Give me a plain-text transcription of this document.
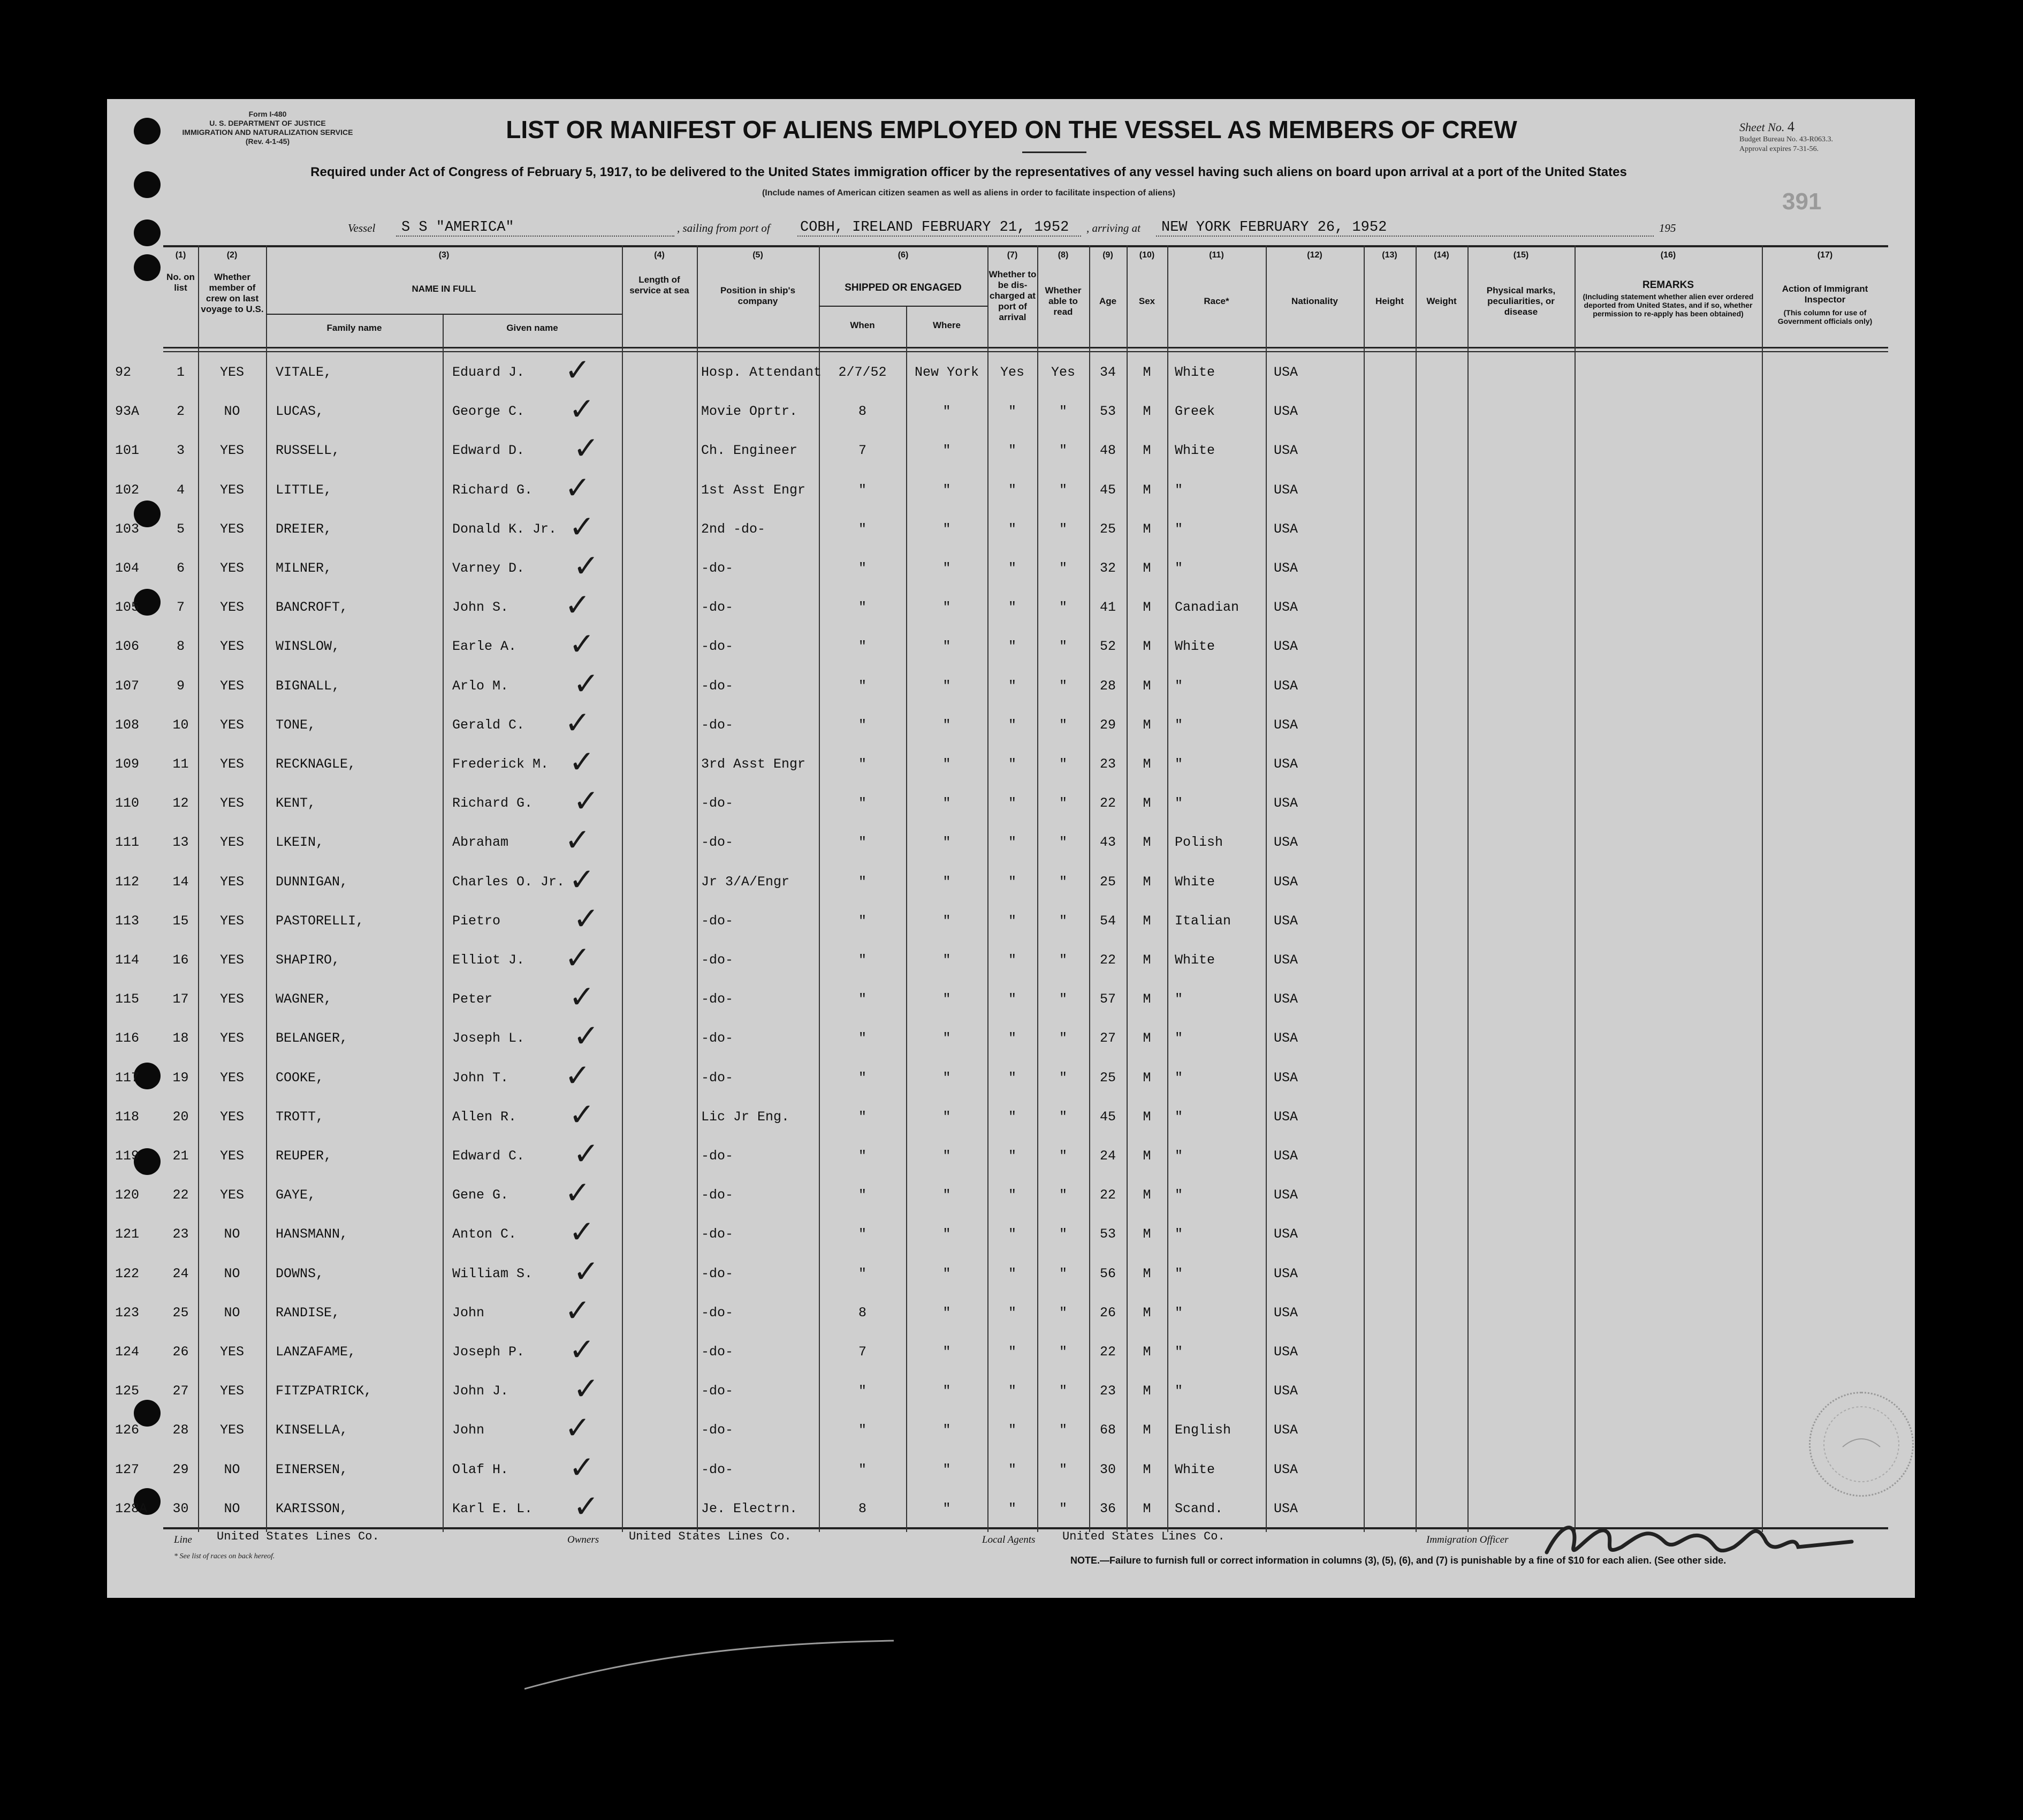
Form I-480
U. S. DEPARTMENT OF JUSTICE
IMMIGRATION AND NATURALIZATION SERVICE
(Rev. 4-1-45)	LIST OR MANIFEST OF ALIENS EMPLOYED ON THE VESSEL AS MEMBERS OF CREW	Sheet No. 4
Budget Bureau No. 43-R063.3.
Approval expires 7-31-56.
391
Required under Act of Congress of February 5, 1917, to be delivered to the United States immigration officer by the representatives of any vessel having such aliens on board upon arrival at a port of the United States
(Include names of American citizen seamen as well as aliens in order to facilitate inspection of aliens)
Vessel S S "AMERICA"	, sailing from port of COBH, IRELAND FEBRUARY 21, 1952 , arriving at NEW YORK FEBRUARY 26, 1952	195
(1)	(2)	(3)	(4)	(5)	(6)	(7)	(8)	(9)	(10)	(11)	(12)	(13)	(14)	(15)	(16)	(17)
No. on list
Whether member of crew on last voyage to U.S.
NAME IN FULL
Family name	Given name
Length of service at sea	Position in ship's company
SHIPPED OR ENGAGED
When	Where
Whether to be dis-charged at port of arrival
Whether able to read
Age	Sex	Race*	Nationality	Height	Weight
Physical marks, peculiarities, or disease
REMARKS
(Including statement whether alien ever ordered deported from United States, and if so, whether permission to re-apply has been obtained)
Action of Immigrant Inspector
(This column for use of Government officials only)
92	1	YES	VITALE,	Eduard J.	Hosp. Attendant	2/7/52	New York	Yes	Yes	34	M	White	USA
✓
93A	2	NO	LUCAS,	George C.	Movie Oprtr.	8	"	"	"	53	M	Greek	USA
✓
101	3	YES	RUSSELL,	Edward D.	Ch. Engineer	7	"	"	"	48	M	White	USA
✓
102	4	YES	LITTLE,	Richard G.	1st Asst Engr	"	"	"	"	45	M	"	USA
✓
103	5	YES	DREIER,	Donald K. Jr.	2nd -do-	"	"	"	"	25	M	"	USA
✓
104	6	YES	MILNER,	Varney D.	-do-	"	"	"	"	32	M	"	USA
✓
105	7	YES	BANCROFT,	John S.	-do-	"	"	"	"	41	M	Canadian	USA
✓
106	8	YES	WINSLOW,	Earle A.	-do-	"	"	"	"	52	M	White	USA
✓
107	9	YES	BIGNALL,	Arlo M.	-do-	"	"	"	"	28	M	"	USA
✓
108	10	YES	TONE,	Gerald C.	-do-	"	"	"	"	29	M	"	USA
✓
109	11	YES	RECKNAGLE,	Frederick M.	3rd Asst Engr	"	"	"	"	23	M	"	USA
✓
110	12	YES	KENT,	Richard G.	-do-	"	"	"	"	22	M	"	USA
✓
111	13	YES	LKEIN,	Abraham	-do-	"	"	"	"	43	M	Polish	USA
✓
112	14	YES	DUNNIGAN,	Charles O. Jr.	Jr 3/A/Engr	"	"	"	"	25	M	White	USA
✓
113	15	YES	PASTORELLI,	Pietro	-do-	"	"	"	"	54	M	Italian	USA
✓
114	16	YES	SHAPIRO,	Elliot J.	-do-	"	"	"	"	22	M	White	USA
✓
115	17	YES	WAGNER,	Peter	-do-	"	"	"	"	57	M	"	USA
✓
116	18	YES	BELANGER,	Joseph L.	-do-	"	"	"	"	27	M	"	USA
✓
117	19	YES	COOKE,	John T.	-do-	"	"	"	"	25	M	"	USA
✓
118	20	YES	TROTT,	Allen R.	Lic Jr Eng.	"	"	"	"	45	M	"	USA
✓
119	21	YES	REUPER,	Edward C.	-do-	"	"	"	"	24	M	"	USA
✓
120	22	YES	GAYE,	Gene G.	-do-	"	"	"	"	22	M	"	USA
✓
121	23	NO	HANSMANN,	Anton C.	-do-	"	"	"	"	53	M	"	USA
✓
122	24	NO	DOWNS,	William S.	-do-	"	"	"	"	56	M	"	USA
✓
123	25	NO	RANDISE,	John	-do-	8	"	"	"	26	M	"	USA
✓
124	26	YES	LANZAFAME,	Joseph P.	-do-	7	"	"	"	22	M	"	USA
✓
125	27	YES	FITZPATRICK,	John J.	-do-	"	"	"	"	23	M	"	USA
✓
126	28	YES	KINSELLA,	John	-do-	"	"	"	"	68	M	English	USA
✓
127	29	NO	EINERSEN,	Olaf H.	-do-	"	"	"	"	30	M	White	USA
✓
128A	30	NO	KARISSON,	Karl E. L.	Je. Electrn.	8	"	"	"	36	M	Scand.	USA
✓
Line United States Lines Co.	Owners	United States Lines Co.	Local Agents United States Lines Co.	Immigration Officer
* See list of races on back hereof.	NOTE.—Failure to furnish full or correct information in columns (3), (5), (6), and (7) is punishable by a fine of $10 for each alien. (See other side.
